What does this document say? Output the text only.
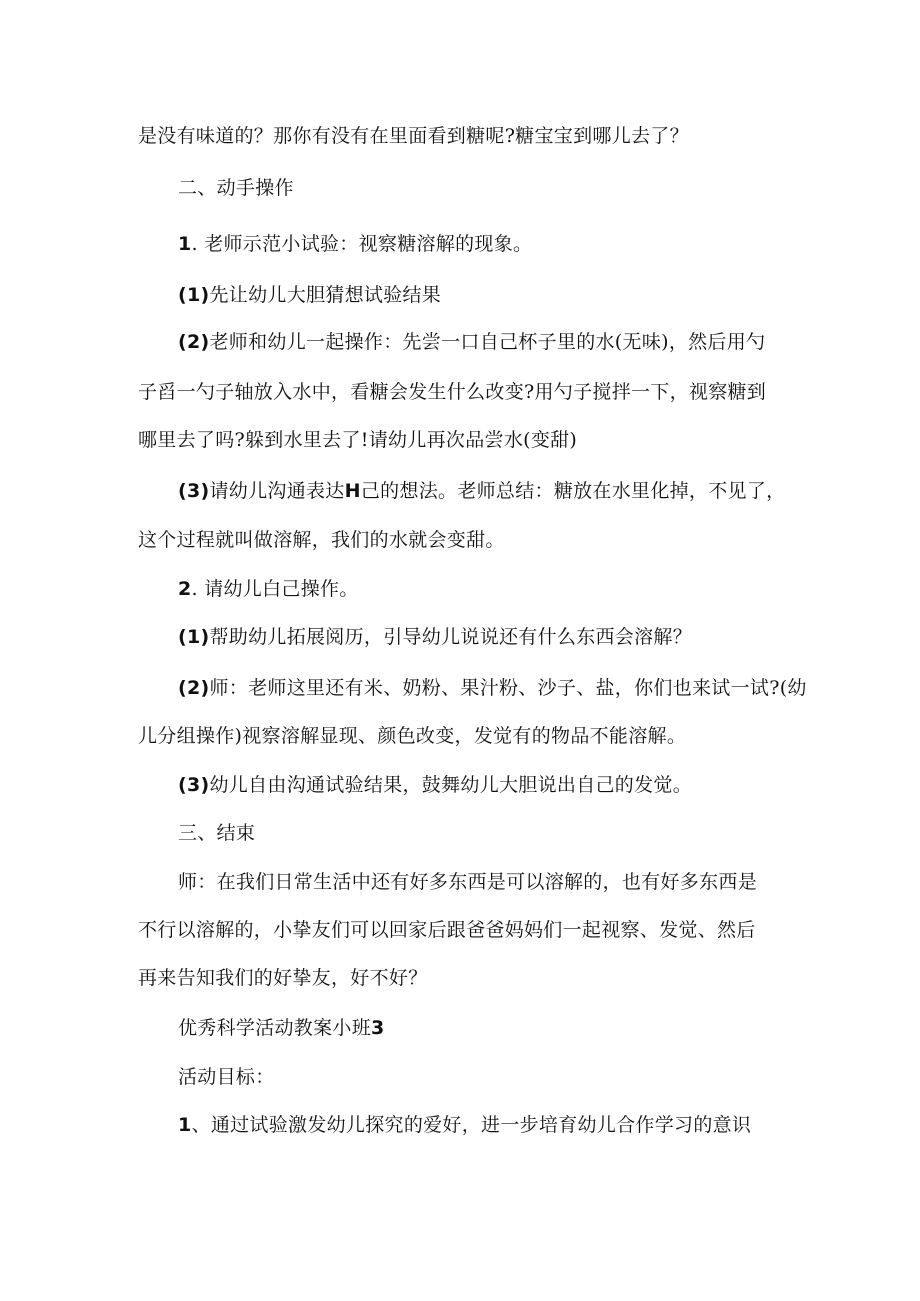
是没有味道的？那你有没有在里面看到糖呢?糖宝宝到哪儿去了？
二、动手操作
1. 老师示范小试验：视察糖溶解的现象。
(1)先让幼儿大胆猜想试验结果
(2)老师和幼儿一起操作：先尝一口自己杯子里的水(无味)，然后用勺
子舀一勺子轴放入水中，看糖会发生什么改变?用勺子搅拌一下，视察糖到
哪里去了吗?躲到水里去了!请幼儿再次品尝水(变甜)
(3)请幼儿沟通表达H己的想法。老师总结：糖放在水里化掉，不见了，
这个过程就叫做溶解，我们的水就会变甜。
2. 请幼儿白己操作。
(1)帮助幼儿拓展阅历，引导幼儿说说还有什么东西会溶解？
(2)师：老师这里还有米、奶粉、果汁粉、沙子、盐，你们也来试一试?(幼
儿分组操作)视察溶解显现、颜色改变，发觉有的物品不能溶解。
(3)幼儿自由沟通试验结果，鼓舞幼儿大胆说出自己的发觉。
三、结束
师：在我们日常生活中还有好多东西是可以溶解的，也有好多东西是
不行以溶解的，小挚友们可以回家后跟爸爸妈妈们一起视察、发觉、然后
再来告知我们的好挚友，好不好？
优秀科学活动教案小班3
活动目标：
1、通过试验激发幼儿探究的爱好，进一步培育幼儿合作学习的意识
